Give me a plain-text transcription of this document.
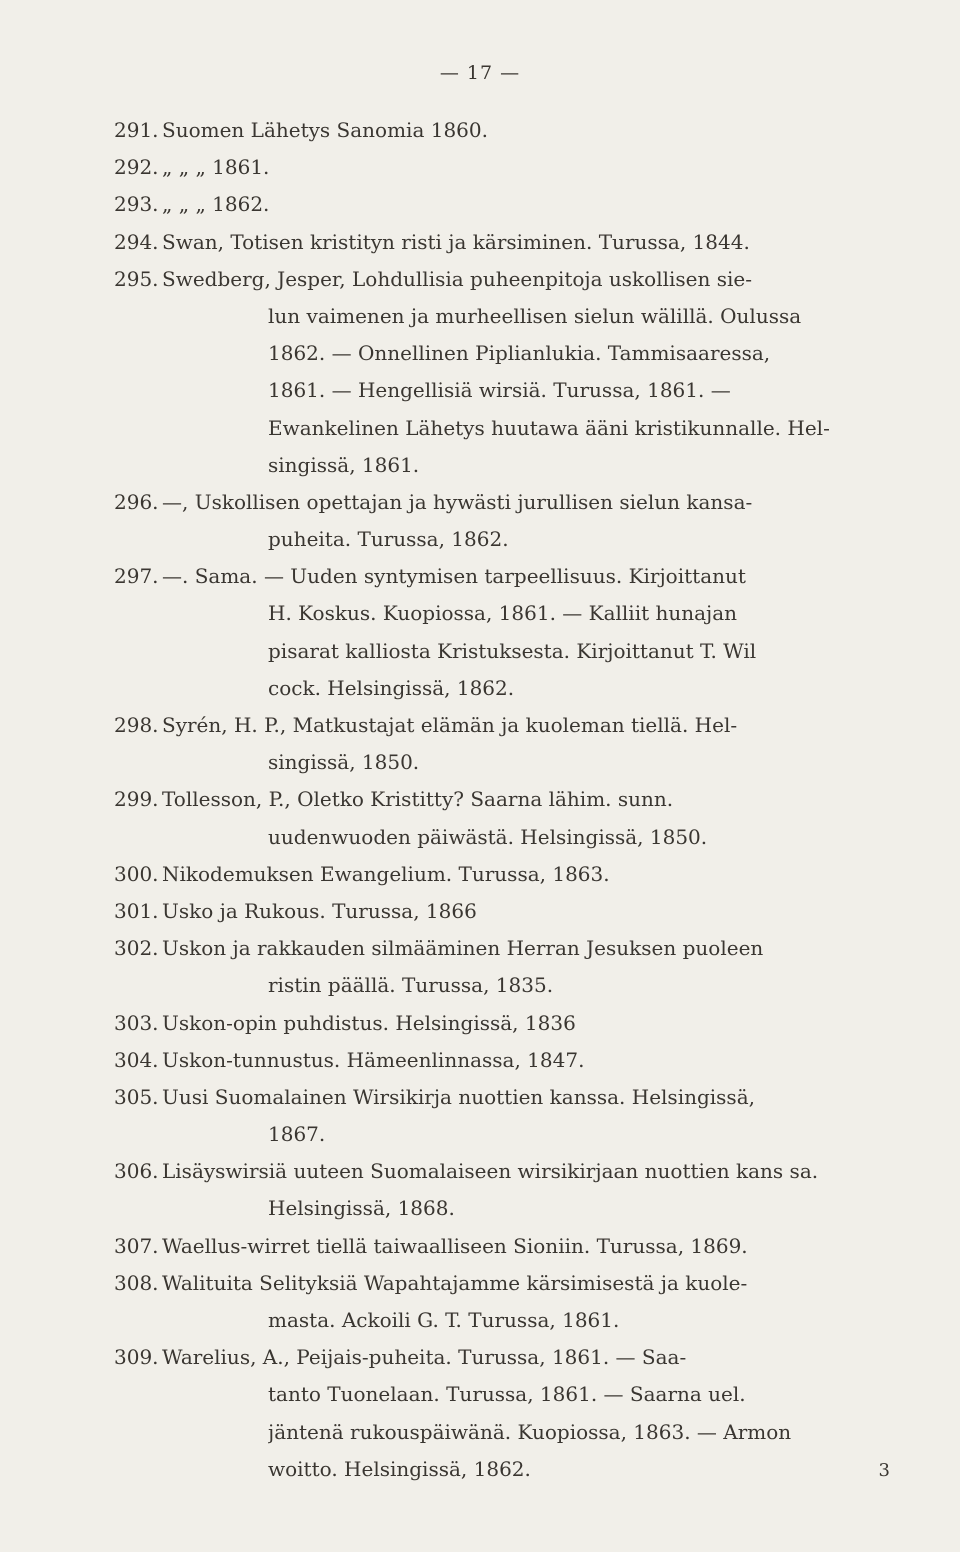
— 17 —
291. Suomen Lähetys Sanomia 1860.
292. „ „ „ 1861.
293. „ „ „ 1862.
294. Swan, Totisen kristityn risti ja kärsiminen. Turussa, 1844.
295. Swedberg, Jesper, Lohdullisia puheenpitoja uskollisen sie-
lun vaimenen ja murheellisen sielun wälillä. Oulussa
1862. — Onnellinen Piplianlukia. Tammisaaressa,
1861. — Hengellisiä wirsiä. Turussa, 1861. —
Ewankelinen Lähetys huutawa ääni kristikunnalle. Hel-
singissä, 1861.
296. —, Uskollisen opettajan ja hywästi jurullisen sielun kansa-
puheita. Turussa, 1862.
297. —. Sama. — Uuden syntymisen tarpeellisuus. Kirjoittanut
H. Koskus. Kuopiossa, 1861. — Kalliit hunajan
pisarat kalliosta Kristuksesta. Kirjoittanut T. Wil
cock. Helsingissä, 1862.
298. Syrén, H. P., Matkustajat elämän ja kuoleman tiellä. Hel-
singissä, 1850.
299. Tollesson, P., Oletko Kristitty? Saarna lähim. sunn.
uudenwuoden päiwästä. Helsingissä, 1850.
300. Nikodemuksen Ewangelium. Turussa, 1863.
301. Usko ja Rukous. Turussa, 1866
302. Uskon ja rakkauden silmääminen Herran Jesuksen puoleen
ristin päällä. Turussa, 1835.
303. Uskon-opin puhdistus. Helsingissä, 1836
304. Uskon-tunnustus. Hämeenlinnassa, 1847.
305. Uusi Suomalainen Wirsikirja nuottien kanssa. Helsingissä,
1867.
306. Lisäyswirsiä uuteen Suomalaiseen wirsikirjaan nuottien kans sa.
Helsingissä, 1868.
307. Waellus-wirret tiellä taiwaalliseen Sioniin. Turussa, 1869.
308. Walituita Selityksiä Wapahtajamme kärsimisestä ja kuole-
masta. Ackoili G. T. Turussa, 1861.
309. Warelius, A., Peijais-puheita. Turussa, 1861. — Saa-
tanto Tuonelaan. Turussa, 1861. — Saarna uel.
jäntenä rukouspäiwänä. Kuopiossa, 1863. — Armon
woitto. Helsingissä, 1862.	3
